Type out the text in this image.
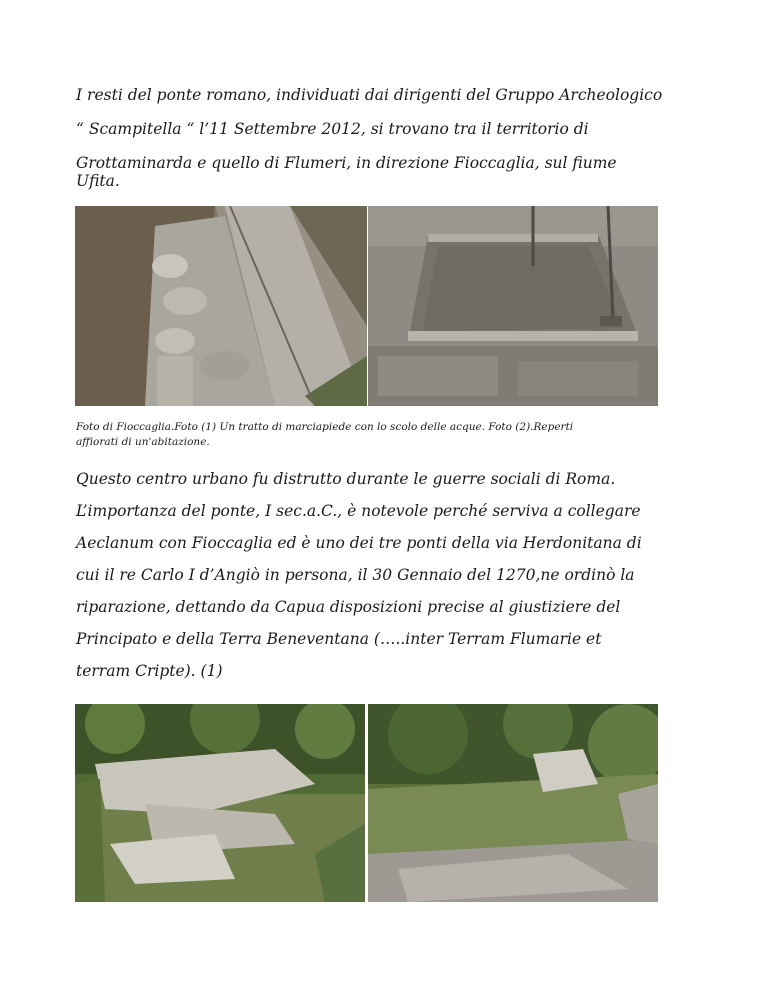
I resti del ponte romano, individuati dai dirigenti del Gruppo Archeologico
“ Scampitella “ l’11 Settembre 2012, si trovano tra il territorio di
Grottaminarda e quello di Flumeri, in direzione Fioccaglia, sul fiume
Ufita.
Foto di Fioccaglia.Foto (1) Un tratto di marciapiede con lo scolo delle acque. Foto (2).Reperti
affiorati di un'abitazione.
Questo centro urbano fu distrutto durante le guerre sociali di Roma.
L’importanza del ponte, I sec.a.C., è notevole perché serviva a collegare
Aeclanum con Fioccaglia ed è uno dei tre ponti della via Herdonitana di
cui il re Carlo I d’Angiò in persona, il 30 Gennaio del 1270,ne ordinò la
riparazione, dettando da Capua disposizioni precise al giustiziere del
Principato e della Terra Beneventana (…..inter Terram Flumarie et
terram Cripte). (1)
